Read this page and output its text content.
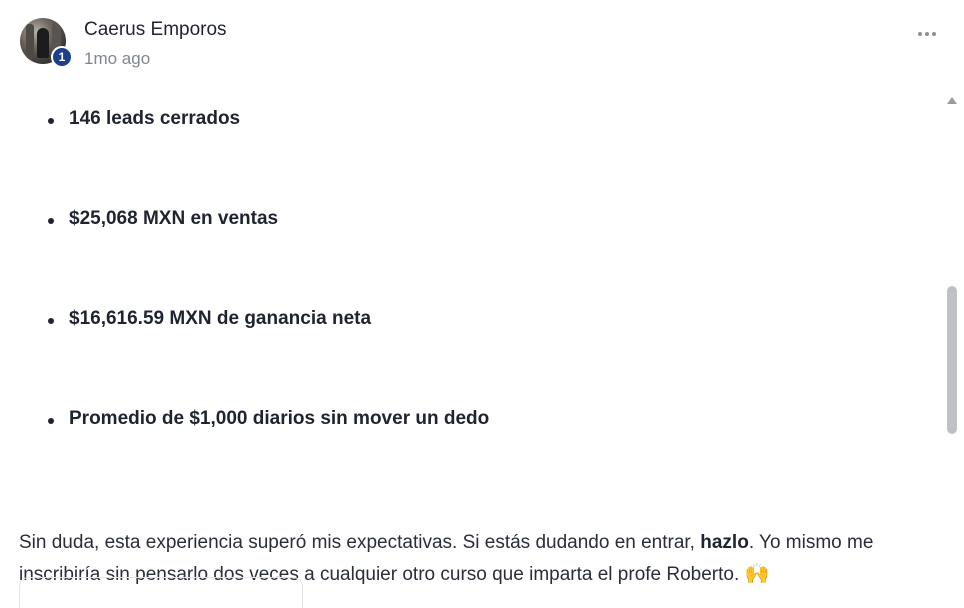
1
Caerus Emporos
1mo ago
146 leads cerrados
$25,068 MXN en ventas
$16,616.59 MXN de ganancia neta
Promedio de $1,000 diarios sin mover un dedo

Sin duda, esta experiencia superó mis expectativas. Si estás dudando en entrar, hazlo. Yo mismo me inscribiría sin pensarlo dos veces a cualquier otro curso que imparta el profe Roberto. 🙌
